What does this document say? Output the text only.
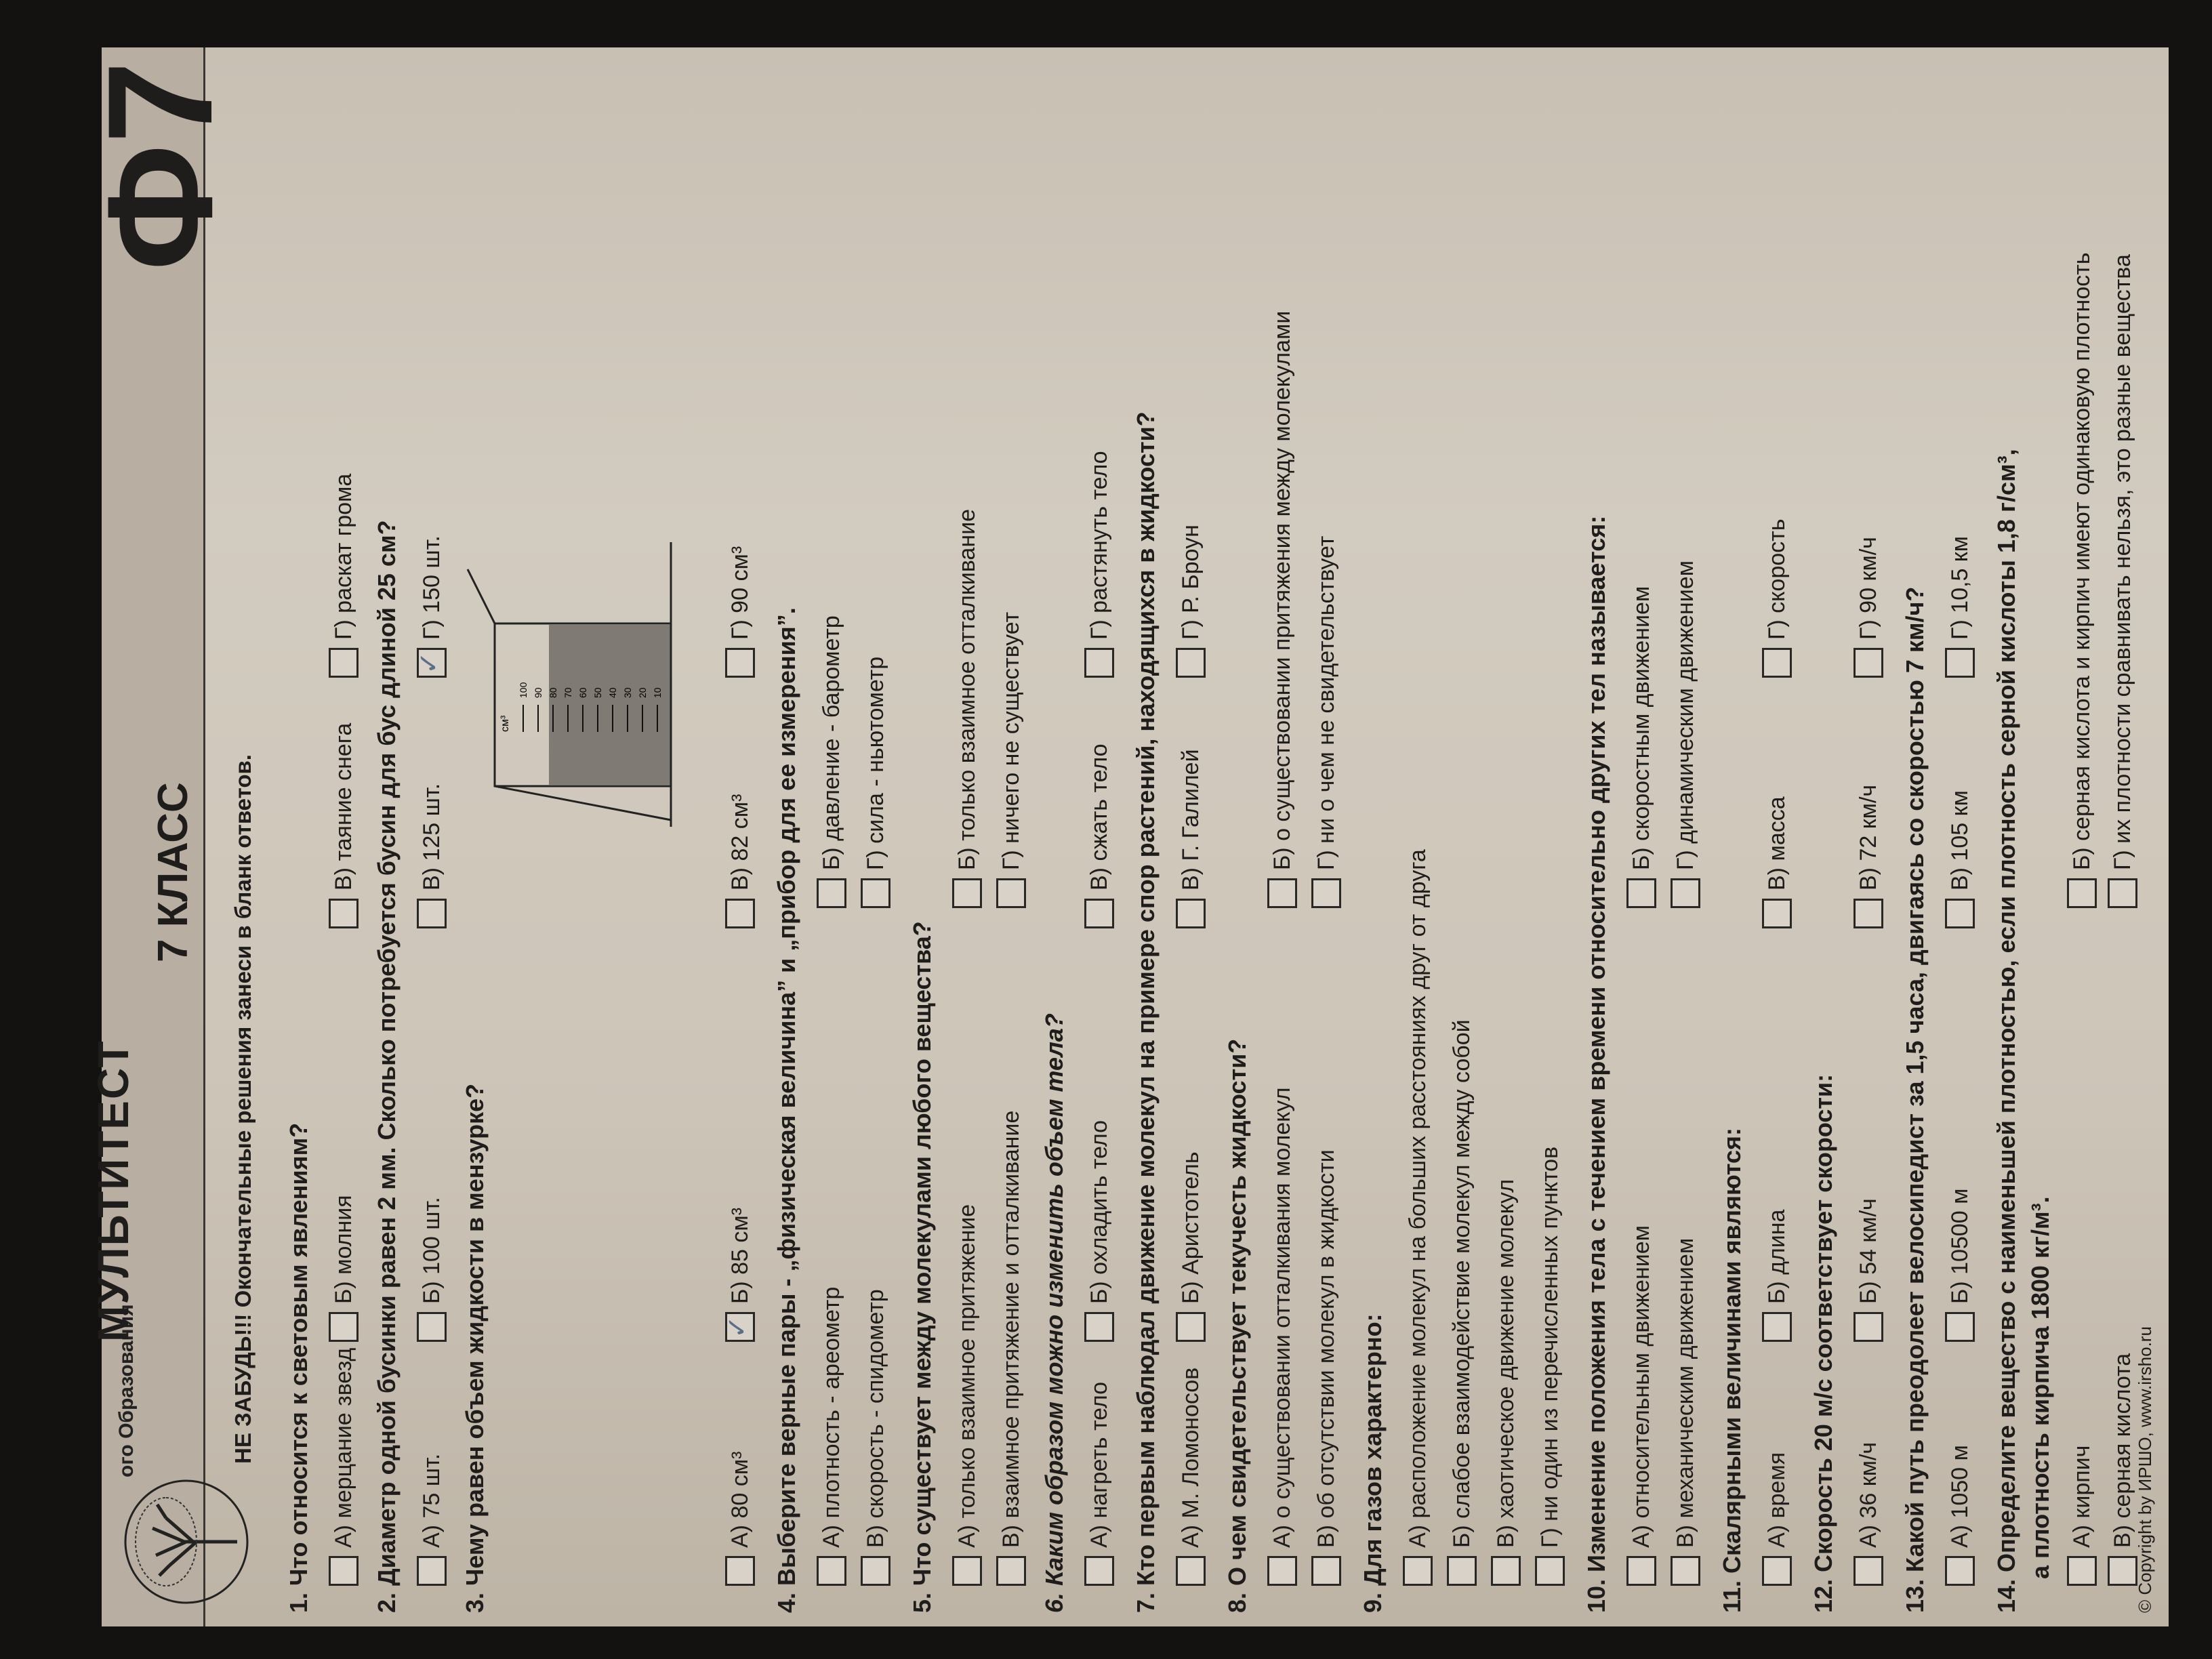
ого Образования
МУЛЬТИТЕСТ
7 КЛАСС
Ф7
НЕ ЗАБУДЬ!!! Окончательные решения занеси в бланк ответов.
1. Что относится к световым явлениям? А) мерцание звезд
Б) молния
В) таяние снега
Г) раскат грома
2. Диаметр одной бусинки равен 2 мм. Сколько потребуется бусин для бус длиной 25 см? А) 75 шт.
Б) 100 шт.
В) 125 шт.
✓
Г) 150 шт.
3. Чему равен объем жидкости в мензурке?	А) 80 см³
✓
Б) 85 см³
В) 82 см³
Г) 90 см³
4. Выберите верные пары - „физическая величина” и „прибор для ее измерения”. А) плотность - ареометр
Б) давление - барометр
В) скорость - спидометр
Г) сила - ньютометр
5. Что существует между молекулами любого вещества? А) только взаимное притяжение
Б) только взаимное отталкивание
В) взаимное притяжение и отталкивание
Г) ничего не существует
6. Каким образом можно изменить объем тела? А) нагреть тело
Б) охладить тело
В) сжать тело
Г) растянуть тело
7. Кто первым наблюдал движение молекул на примере спор растений, находящихся в жидкости? А) М. Ломоносов
Б) Аристотель
В) Г. Галилей
Г) Р. Броун
8. О чем свидетельствует текучесть жидкости? А) о существовании отталкивания молекул
Б) о существовании притяжения между молекулами
В) об отсутствии молекул в жидкости
Г) ни о чем не свидетельствует
9. Для газов характерно: А) расположение молекул на больших расстояниях друг от друга Б) слабое взаимодействие молекул между собой В) хаотическое движение молекул Г) ни один из перечисленных пунктов
10. Изменение положения тела с течением времени относительно других тел называется: А) относительным движением
Б) скоростным движением
В) механическим движением
Г) динамическим движением
11. Скалярными величинами являются: А) время
Б) длина
В) масса
Г) скорость
12. Скорость 20 м/с соответствует скорости: А) 36 км/ч
Б) 54 км/ч
В) 72 км/ч
Г) 90 км/ч
13. Какой путь преодолеет велосипедист за 1,5 часа, двигаясь со скоростью 7 км/ч? А) 1050 м
Б) 10500 м
В) 105 км
Г) 10,5 км
14. Определите вещество с наименьшей плотностью, если плотность серной кислоты 1,8 г/см³, а плотность кирпича 1800 кг/м³. А) кирпич
Б) серная кислота и кирпич имеют одинаковую плотность
В) серная кислота
Г) их плотности сравнивать нельзя, это разные вещества
10
20
30
40
50
60
70
80
90
100
см³
© Copyright by ИРШО, www.irsho.ru
